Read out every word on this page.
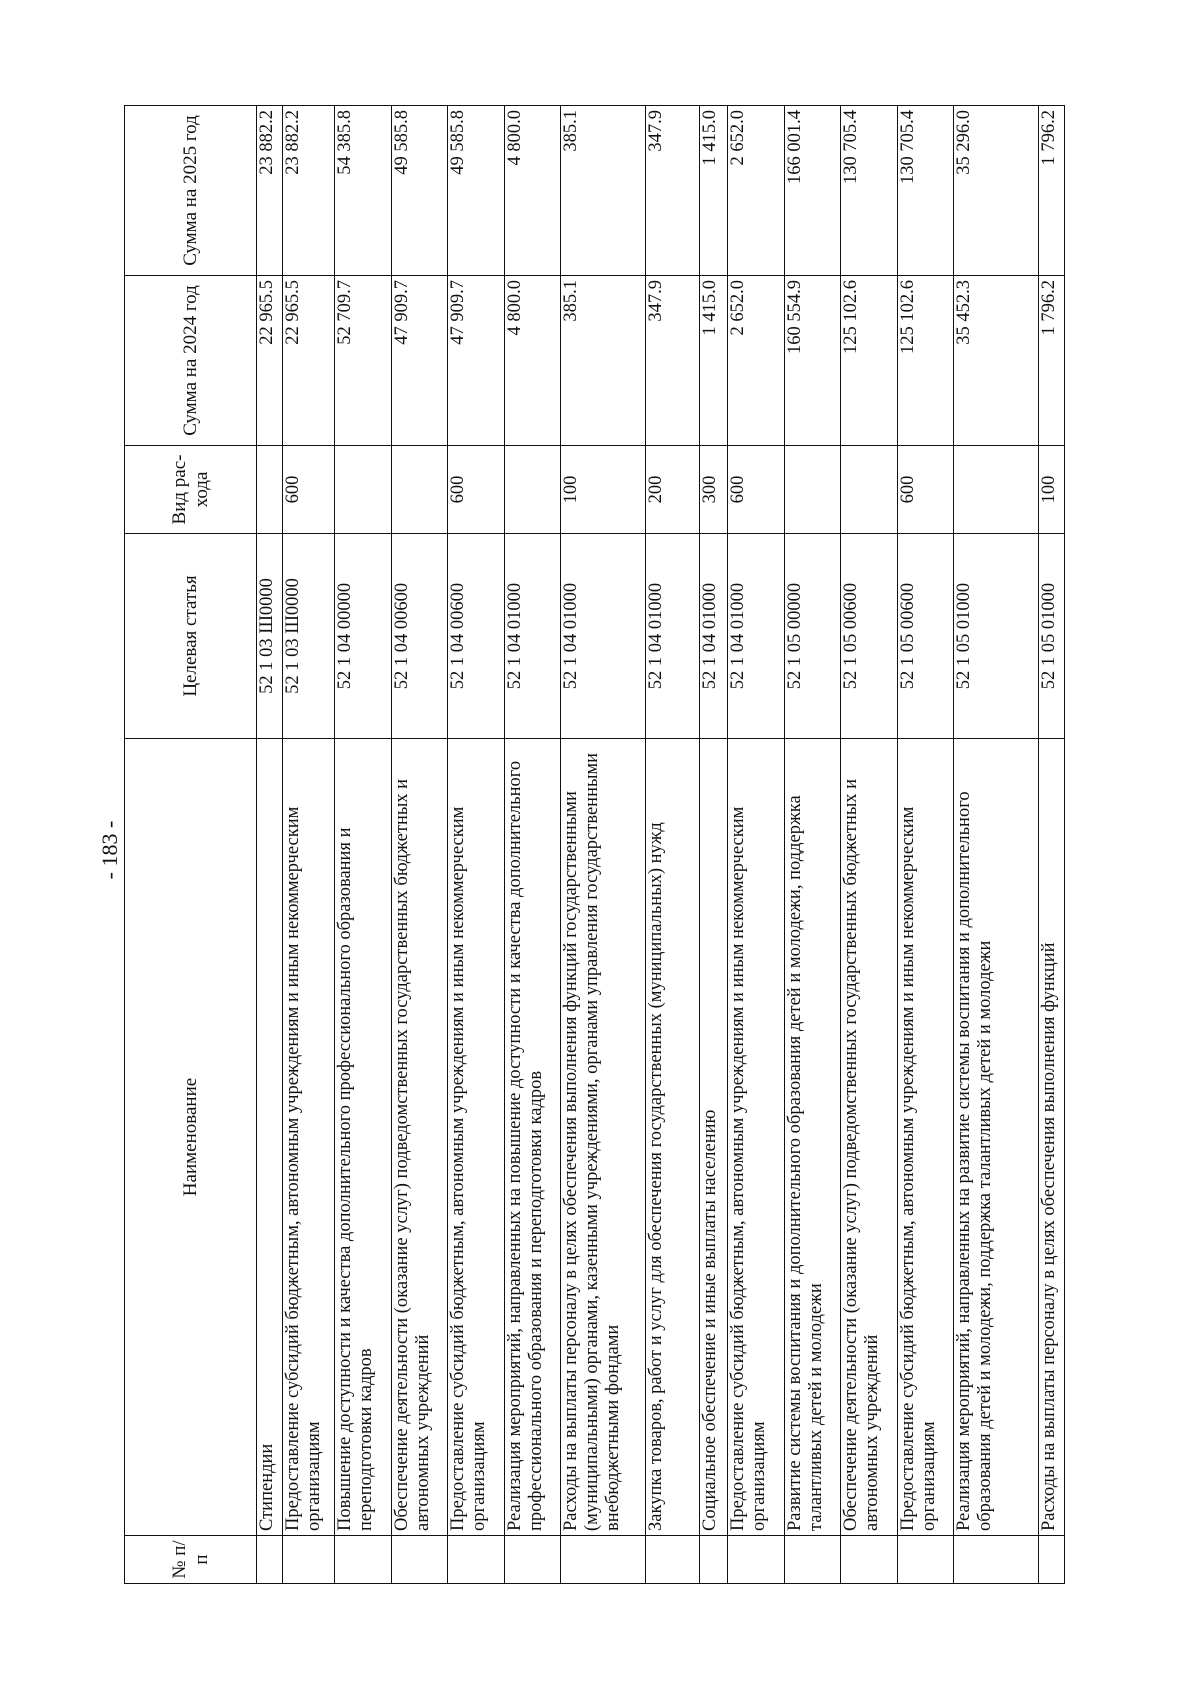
- 183 -
№ п/п	Наименование	Целевая статья	Вид рас- хода	Сумма на 2024 год	Сумма на 2025 год
	Стипендии	52 1 03 Ш0000		22 965.5	23 882.2
	Предоставление субсидий бюджетным, автономным учреждениям и иным некоммерческим организациям	52 1 03 Ш0000	600	22 965.5	23 882.2
	Повышение доступности и качества дополнительного профессионального образования и переподготовки кадров	52 1 04 00000		52 709.7	54 385.8
	Обеспечение деятельности (оказание услуг) подведомственных государственных бюджетных и автономных учреждений	52 1 04 00600		47 909.7	49 585.8
	Предоставление субсидий бюджетным, автономным учреждениям и иным некоммерческим организациям	52 1 04 00600	600	47 909.7	49 585.8
	Реализация мероприятий, направленных на повышение доступности и качества дополнительного профессионального образования и переподготовки кадров	52 1 04 01000		4 800.0	4 800.0
	Расходы на выплаты персоналу в целях обеспечения выполнения функций государственными (муниципальными) органами, казенными учреждениями, органами управления государственными внебюджетными фондами	52 1 04 01000	100	385.1	385.1
	Закупка товаров, работ и услуг для обеспечения государственных (муниципальных) нужд	52 1 04 01000	200	347.9	347.9
	Социальное обеспечение и иные выплаты населению	52 1 04 01000	300	1 415.0	1 415.0
	Предоставление субсидий бюджетным, автономным учреждениям и иным некоммерческим организациям	52 1 04 01000	600	2 652.0	2 652.0
	Развитие системы воспитания и дополнительного образования детей и молодежи, поддержка талантливых детей и молодежи	52 1 05 00000		160 554.9	166 001.4
	Обеспечение деятельности (оказание услуг) подведомственных государственных бюджетных и автономных учреждений	52 1 05 00600		125 102.6	130 705.4
	Предоставление субсидий бюджетным, автономным учреждениям и иным некоммерческим организациям	52 1 05 00600	600	125 102.6	130 705.4
	Реализация мероприятий, направленных на развитие системы воспитания и дополнительного образования детей и молодежи, поддержка талантливых детей и молодежи	52 1 05 01000		35 452.3	35 296.0
	Расходы на выплаты персоналу в целях обеспечения выполнения функций	52 1 05 01000	100	1 796.2	1 796.2
